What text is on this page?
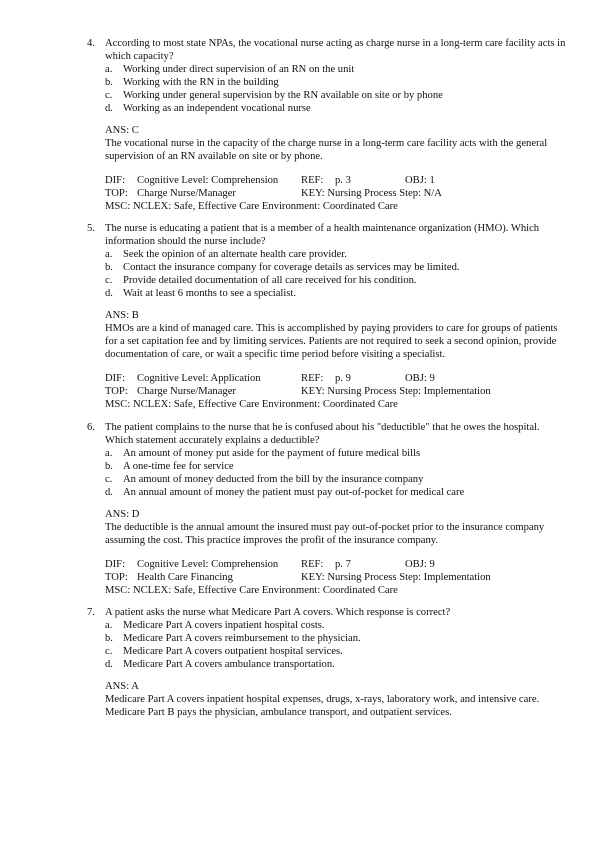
4. According to most state NPAs, the vocational nurse acting as charge nurse in a long-term care facility acts in which capacity?
a.	Working under direct supervision of an RN on the unit
b. Working with the RN in the building
c.	Working under general supervision by the RN available on site or by phone
d. Working as an independent vocational nurse
ANS: C
The vocational nurse in the capacity of the charge nurse in a long-term care facility acts with the general supervision of an RN available on site or by phone.
DIF:	Cognitive Level: Comprehension	REF:	p. 3	OBJ: 1
TOP: Charge Nurse/Manager	KEY: Nursing Process Step: N/A
MSC: NCLEX: Safe, Effective Care Environment: Coordinated Care
5. The nurse is educating a patient that is a member of a health maintenance organization (HMO). Which information should the nurse include?
a.	Seek the opinion of an alternate health care provider.
b. Contact the insurance company for coverage details as services may be limited.
c.	Provide detailed documentation of all care received for his condition.
d. Wait at least 6 months to see a specialist.
ANS: B
HMOs are a kind of managed care. This is accomplished by paying providers to care for groups of patients for a set capitation fee and by limiting services. Patients are not required to seek a second opinion, provide documentation of care, or wait a specific time period before visiting a specialist.
DIF:	Cognitive Level: Application	REF:	p. 9	OBJ: 9
TOP: Charge Nurse/Manager	KEY: Nursing Process Step: Implementation
MSC: NCLEX: Safe, Effective Care Environment: Coordinated Care
6. The patient complains to the nurse that he is confused about his "deductible" that he owes the hospital. Which statement accurately explains a deductible?
a.	An amount of money put aside for the payment of future medical bills
b. A one-time fee for service
c.	An amount of money deducted from the bill by the insurance company
d. An annual amount of money the patient must pay out-of-pocket for medical care
ANS: D
The deductible is the annual amount the insured must pay out-of-pocket prior to the insurance company assuming the cost. This practice improves the profit of the insurance company.
DIF:	Cognitive Level: Comprehension	REF:	p. 7	OBJ: 9
TOP: Health Care Financing	KEY: Nursing Process Step: Implementation
MSC: NCLEX: Safe, Effective Care Environment: Coordinated Care
7. A patient asks the nurse what Medicare Part A covers. Which response is correct?
a.	Medicare Part A covers inpatient hospital costs.
b. Medicare Part A covers reimbursement to the physician.
c.	Medicare Part A covers outpatient hospital services.
d. Medicare Part A covers ambulance transportation.
ANS: A
Medicare Part A covers inpatient hospital expenses, drugs, x-rays, laboratory work, and intensive care. Medicare Part B pays the physician, ambulance transport, and outpatient services.
